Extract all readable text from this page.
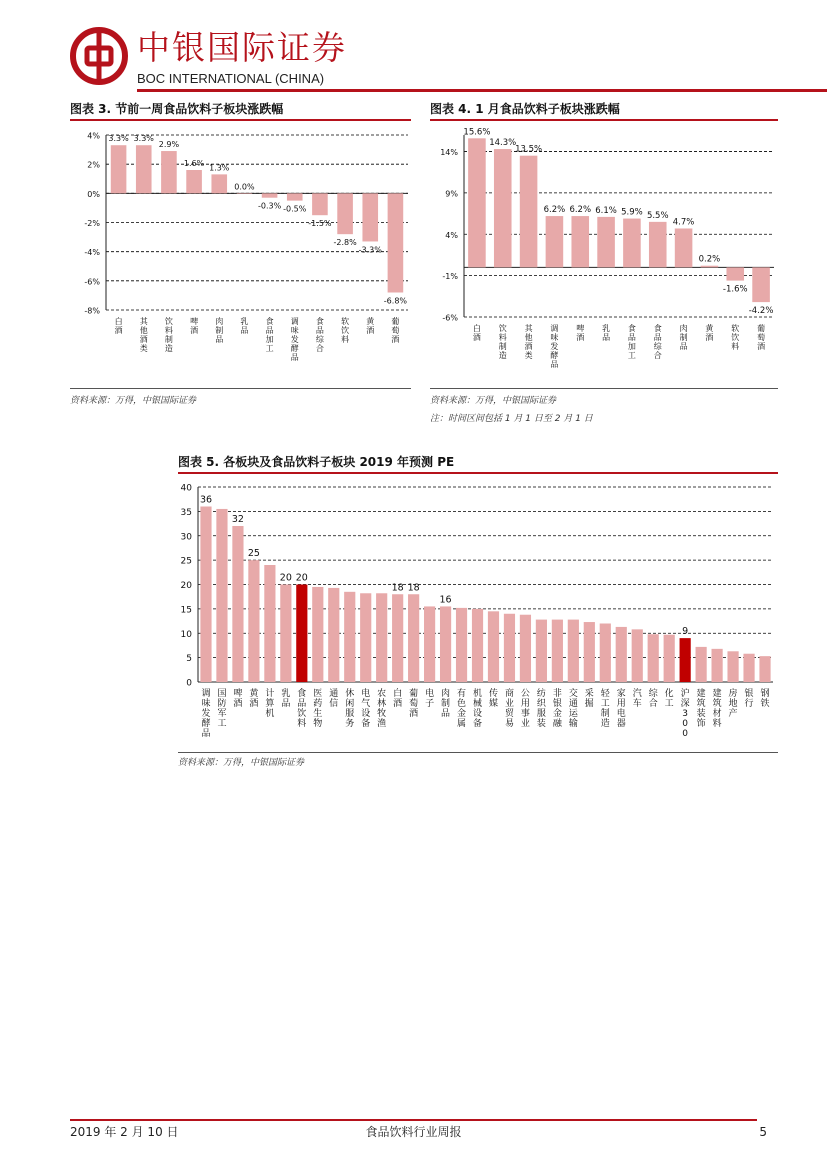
中银国际证券
BOC INTERNATIONAL (CHINA)
图表 3. 节前一周食品饮料子板块涨跌幅
4%
2%
0%
-2%
-4%
-6%
-8%
3.3%
白酒
3.3%
其他酒类
2.9%
饮料制造
1.6%
啤酒
1.3%
肉制品
0.0%
乳品
-0.3%
食品加工
-0.5%
调味发酵品
-1.5%
食品综合
-2.8%
软饮料
-3.3%
黄酒
-6.8%
葡萄酒
资料来源：万得，中银国际证券
图表 4. 1 月食品饮料子板块涨跌幅
14%
9%
4%
-1%
-6%
15.6%
白酒
14.3%
饮料制造
13.5%
其他酒类
6.2%
调味发酵品
6.2%
啤酒
6.1%
乳品
5.9%
食品加工
5.5%
食品综合
4.7%
肉制品
0.2%
黄酒
-1.6%
软饮料
-4.2%
葡萄酒
资料来源：万得，中银国际证券
注：时间区间包括 1 月 1 日至 2 月 1 日
图表 5. 各板块及食品饮料子板块 2019 年预测 PE
0
5
10
15
20
25
30
35
40
36
调味发酵品
国防军工
32
啤酒
25
黄酒
计算机
20
乳品
20
食品饮料
医药生物
通信
休闲服务
电气设备
农林牧渔
18
白酒
18
葡萄酒
电子
16
肉制品
有色金属
机械设备
传媒
商业贸易
公用事业
纺织服装
非银金融
交通运输
采掘
轻工制造
家用电器
汽车
综合
化工
9
沪深 3 0 0
建筑装饰
建筑材料
房地产
银行
钢铁
资料来源：万得，中银国际证券
2019 年 2 月 10 日	食品饮料行业周报	5
